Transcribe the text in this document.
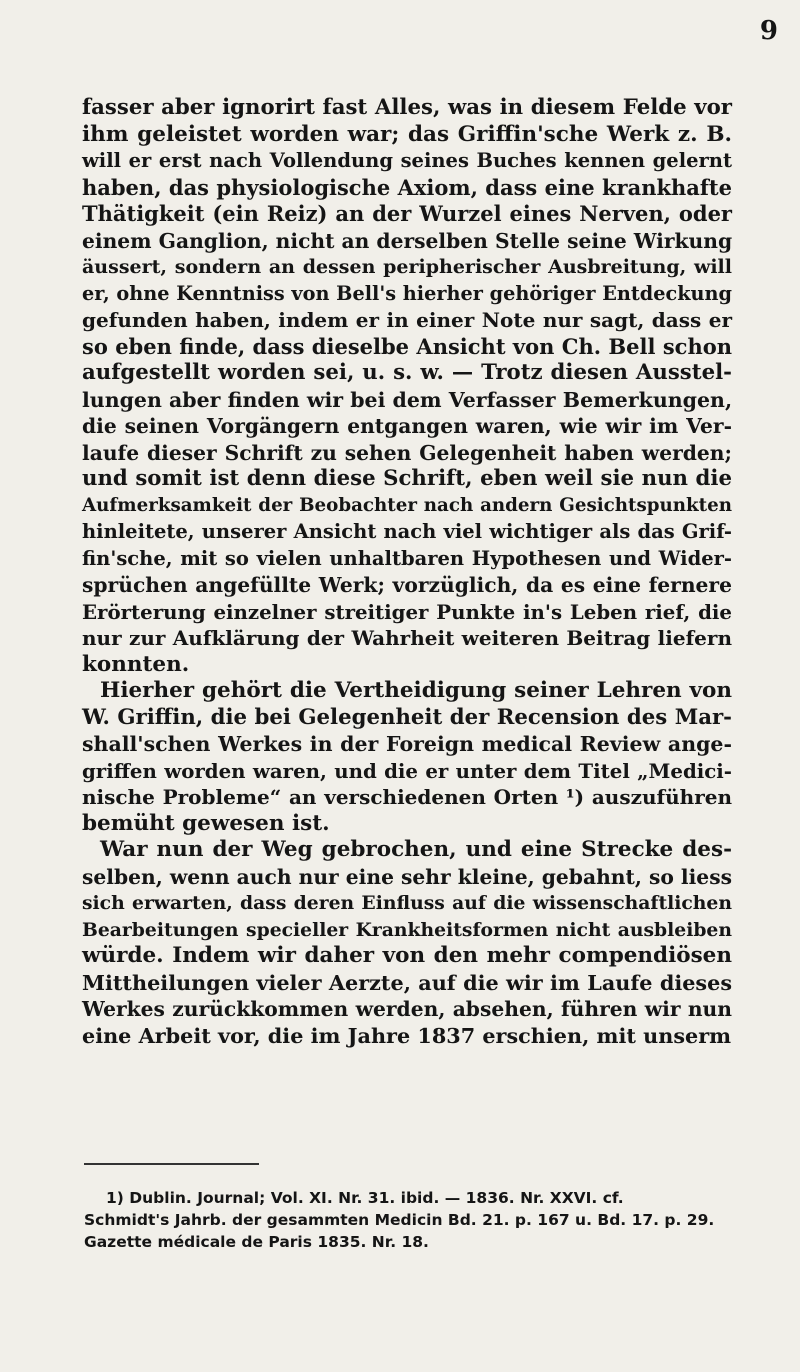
9
fasser aber ignorirt fast Alles, was in diesem Felde vor
ihm geleistet worden war; das Griffin'sche Werk z. B.
will er erst nach Vollendung seines Buches kennen gelernt
haben, das physiologische Axiom, dass eine krankhafte
Thätigkeit (ein Reiz) an der Wurzel eines Nerven, oder
einem Ganglion, nicht an derselben Stelle seine Wirkung
äussert, sondern an dessen peripherischer Ausbreitung, will
er, ohne Kenntniss von Bell's hierher gehöriger Entdeckung
gefunden haben, indem er in einer Note nur sagt, dass er
so eben finde, dass dieselbe Ansicht von Ch. Bell schon
aufgestellt worden sei, u. s. w. — Trotz diesen Ausstel-
lungen aber finden wir bei dem Verfasser Bemerkungen,
die seinen Vorgängern entgangen waren, wie wir im Ver-
laufe dieser Schrift zu sehen Gelegenheit haben werden;
und somit ist denn diese Schrift, eben weil sie nun die
Aufmerksamkeit der Beobachter nach andern Gesichtspunkten
hinleitete, unserer Ansicht nach viel wichtiger als das Grif-
fin'sche, mit so vielen unhaltbaren Hypothesen und Wider-
sprüchen angefüllte Werk; vorzüglich, da es eine fernere
Erörterung einzelner streitiger Punkte in's Leben rief, die
nur zur Aufklärung der Wahrheit weiteren Beitrag liefern
konnten.
Hierher gehört die Vertheidigung seiner Lehren von
W. Griffin, die bei Gelegenheit der Recension des Mar-
shall'schen Werkes in der Foreign medical Review ange-
griffen worden waren, und die er unter dem Titel „Medici-
nische Probleme“ an verschiedenen Orten ¹) auszuführen
bemüht gewesen ist.
War nun der Weg gebrochen, und eine Strecke des-
selben, wenn auch nur eine sehr kleine, gebahnt, so liess
sich erwarten, dass deren Einfluss auf die wissenschaftlichen
Bearbeitungen specieller Krankheitsformen nicht ausbleiben
würde. Indem wir daher von den mehr compendiösen
Mittheilungen vieler Aerzte, auf die wir im Laufe dieses
Werkes zurückkommen werden, absehen, führen wir nun
eine Arbeit vor, die im Jahre 1837 erschien, mit unserm
1) Dublin. Journal; Vol. XI. Nr. 31. ibid. — 1836. Nr. XXVI. cf.
Schmidt's Jahrb. der gesammten Medicin Bd. 21. p. 167 u. Bd. 17. p. 29.
Gazette médicale de Paris 1835. Nr. 18.
